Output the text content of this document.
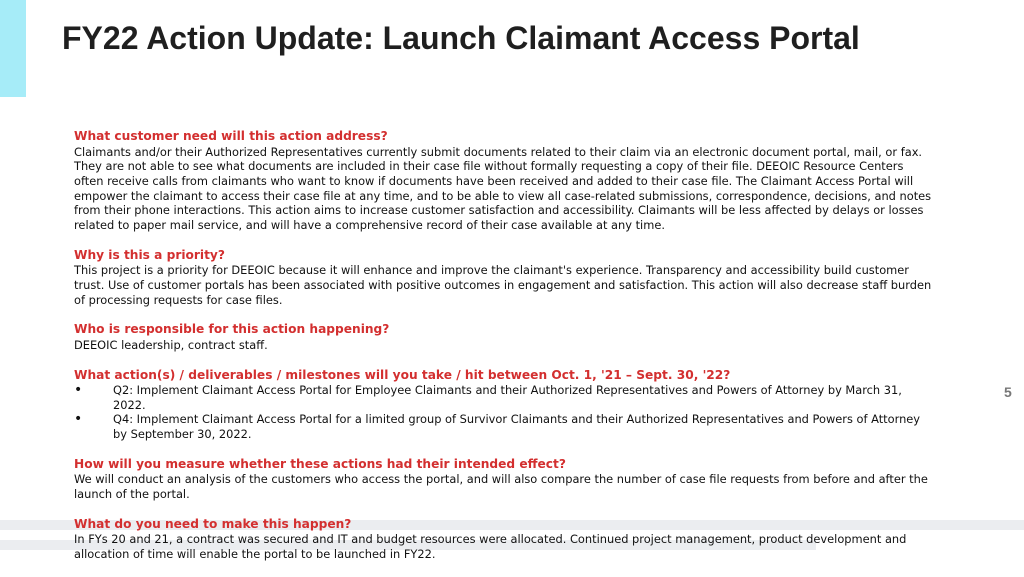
FY22 Action Update: Launch Claimant Access Portal

What customer need will this action address?

Claimants and/or their Authorized Representatives currently submit documents related to their claim via an electronic document portal, mail, or fax. They are not able to see what documents are included in their case file without formally requesting a copy of their file. DEEOIC Resource Centers often receive calls from claimants who want to know if documents have been received and added to their case file. The Claimant Access Portal will empower the claimant to access their case file at any time, and to be able to view all case-related submissions, correspondence, decisions, and notes from their phone interactions. This action aims to increase customer satisfaction and accessibility. Claimants will be less affected by delays or losses related to paper mail service, and will have a comprehensive record of their case available at any time.

Why is this a priority?

This project is a priority for DEEOIC because it will enhance and improve the claimant's experience. Transparency and accessibility build customer trust. Use of customer portals has been associated with positive outcomes in engagement and satisfaction. This action will also decrease staff burden of processing requests for case files.

Who is responsible for this action happening?

DEEOIC leadership, contract staff.

What action(s) / deliverables / milestones will you take / hit between Oct. 1, '21 – Sept. 30, '22?

• Q2: Implement Claimant Access Portal for Employee Claimants and their Authorized Representatives and Powers of Attorney by March 31, 2022.
• Q4: Implement Claimant Access Portal for a limited group of Survivor Claimants and their Authorized Representatives and Powers of Attorney by September 30, 2022.

How will you measure whether these actions had their intended effect?

We will conduct an analysis of the customers who access the portal, and will also compare the number of case file requests from before and after the launch of the portal.

What do you need to make this happen?

In FYs 20 and 21, a contract was secured and IT and budget resources were allocated. Continued project management, product development and allocation of time will enable the portal to be launched in FY22.

5
